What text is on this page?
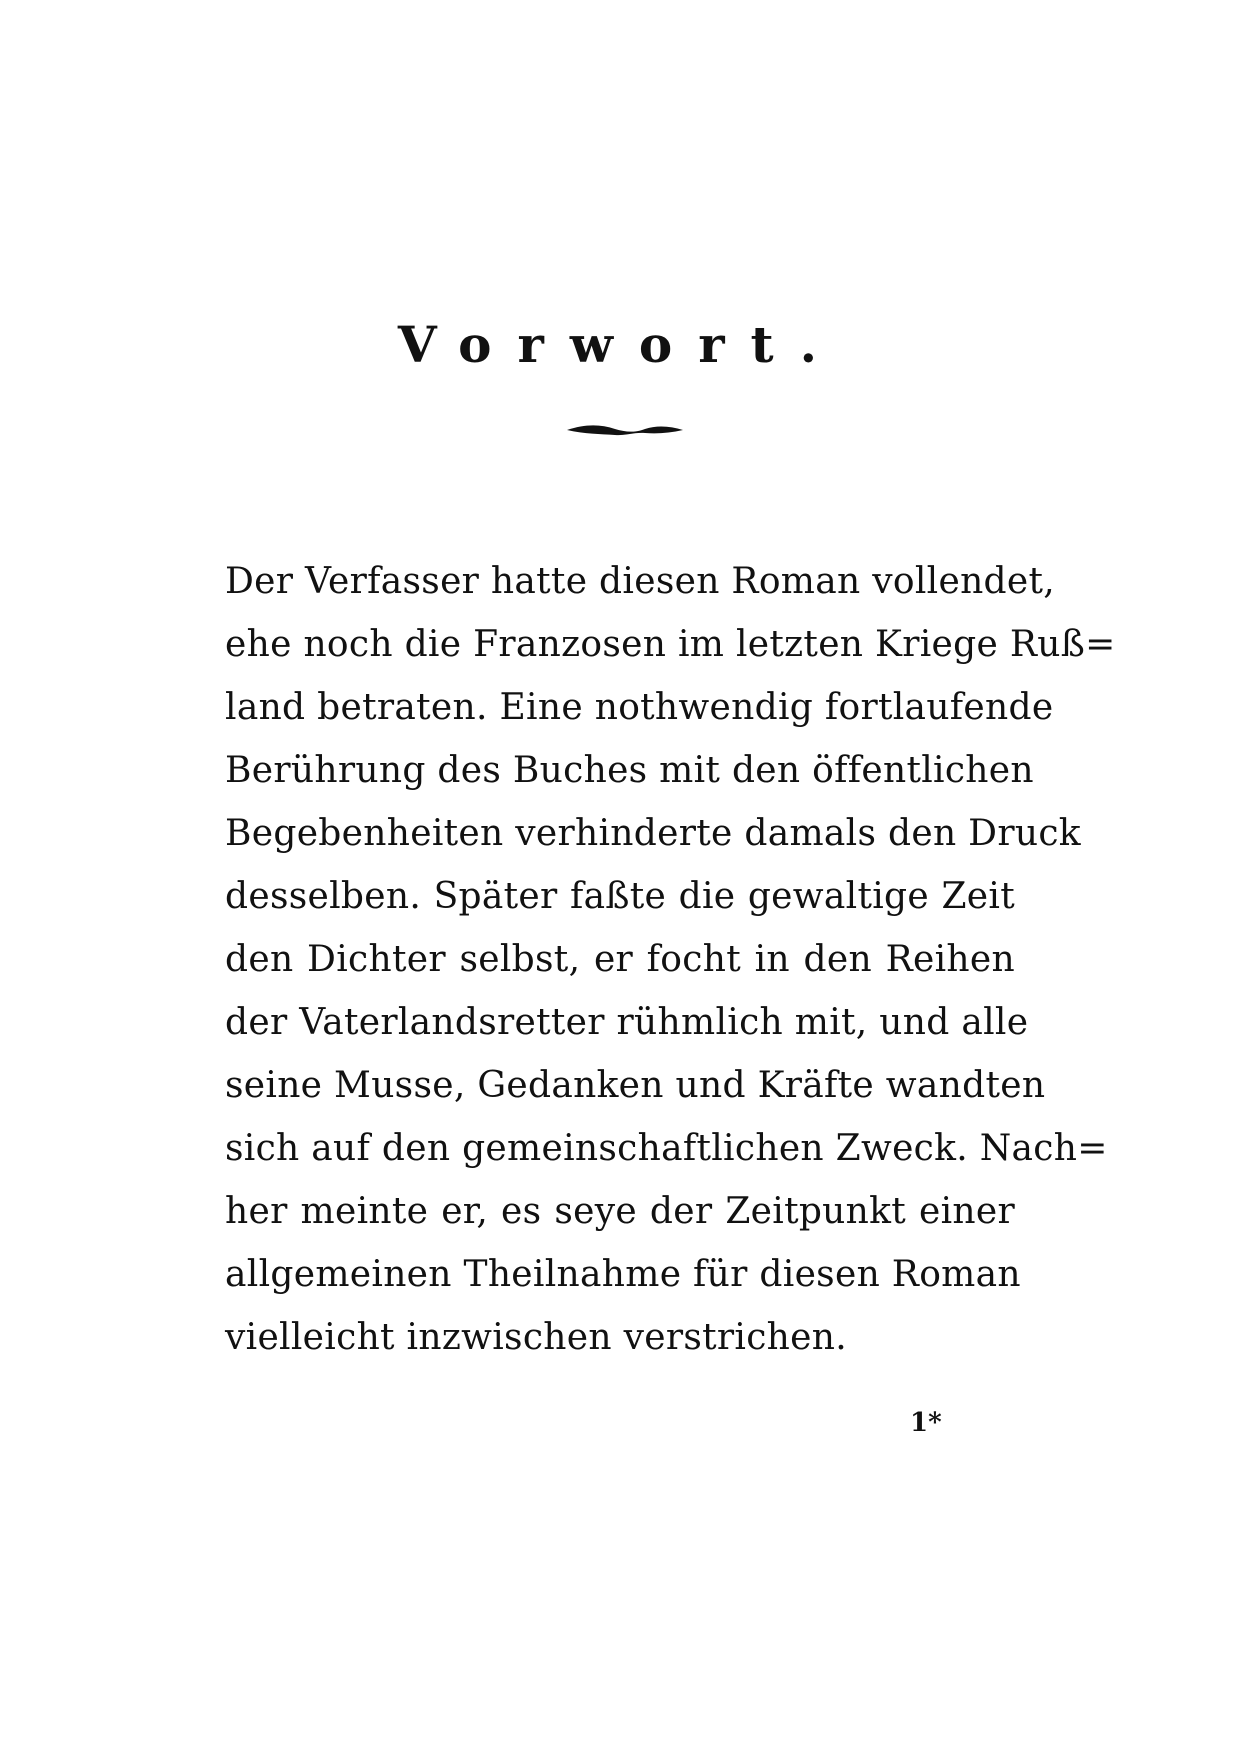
Vorwort.
Der Verfasser hatte diesen Roman vollendet,
ehe noch die Franzosen im letzten Kriege Ruß=
land betraten. Eine nothwendig fortlaufende
Berührung des Buches mit den öffentlichen
Begebenheiten verhinderte damals den Druck
desselben. Später faßte die gewaltige Zeit
den Dichter selbst, er focht in den Reihen
der Vaterlandsretter rühmlich mit, und alle
seine Musse, Gedanken und Kräfte wandten
sich auf den gemeinschaftlichen Zweck. Nach=
her meinte er, es seye der Zeitpunkt einer
allgemeinen Theilnahme für diesen Roman
vielleicht inzwischen verstrichen.
1*
